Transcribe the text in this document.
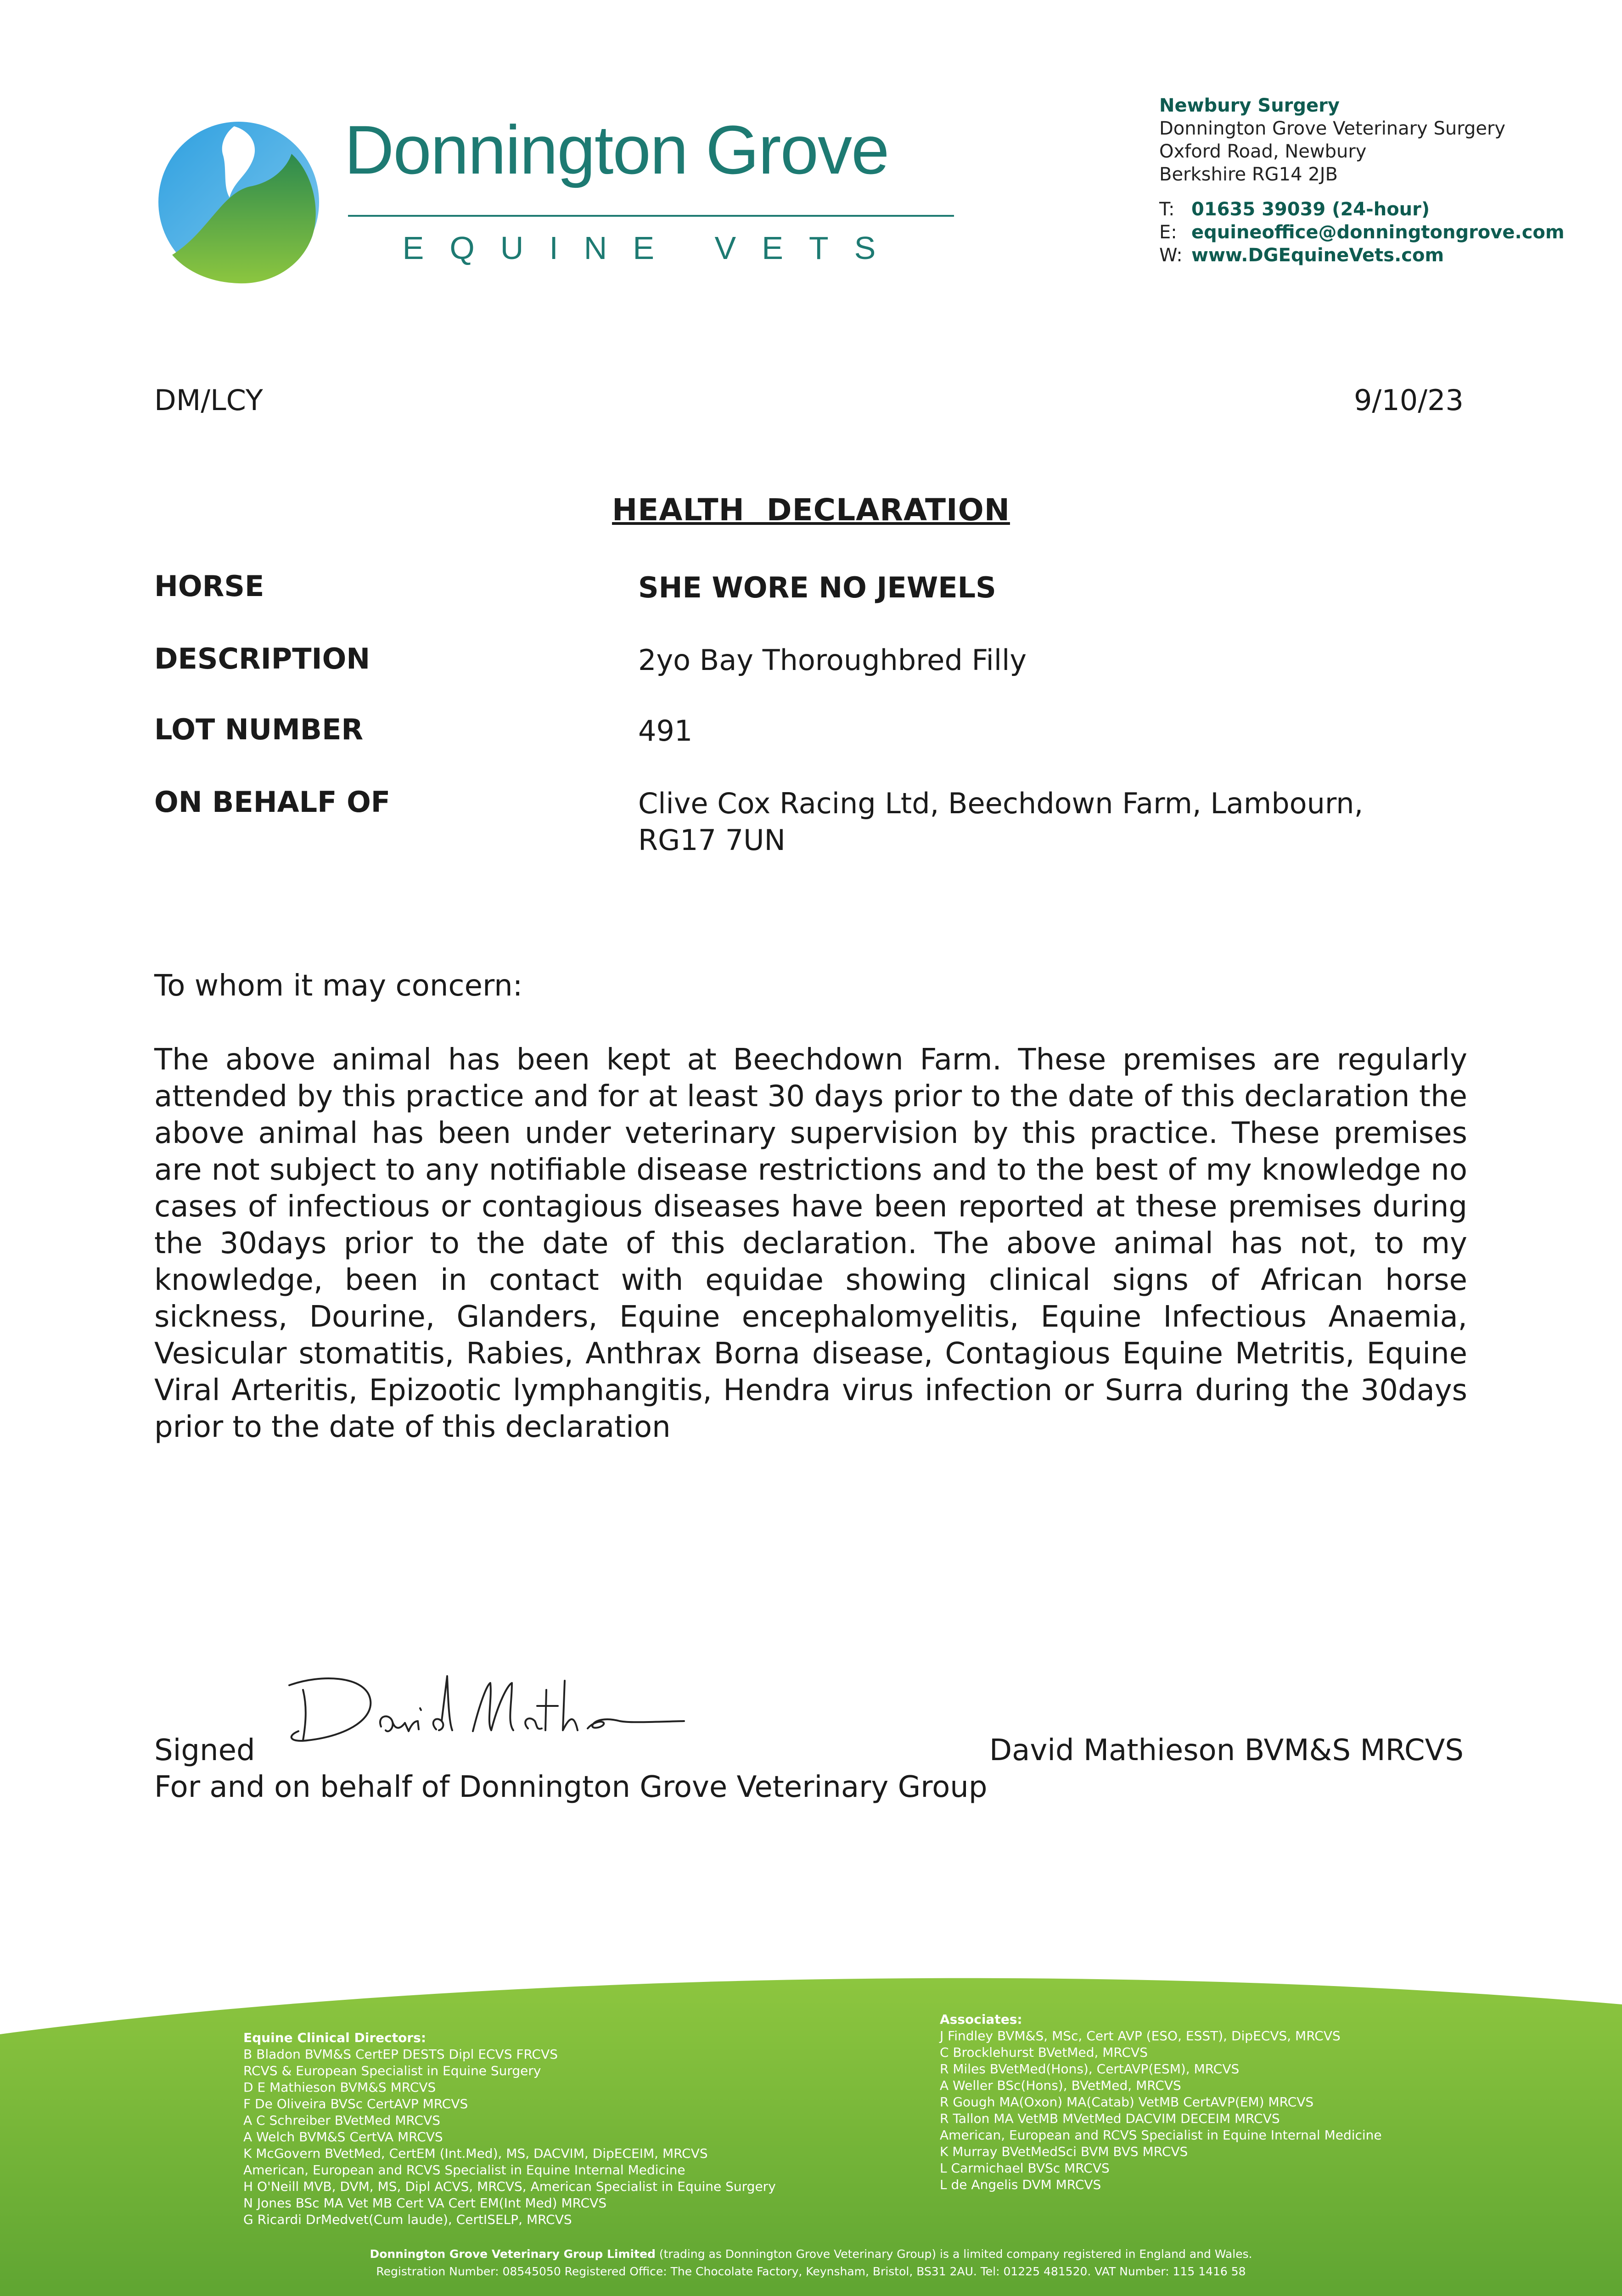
Donnington Grove
EQUINE VETS
Newbury Surgery
Donnington Grove Veterinary Surgery
Oxford Road, Newbury
Berkshire RG14 2JB
T: 01635 39039 (24-hour)
E: equineoffice@donningtongrove.com
W: www.DGEquineVets.com
DM/LCY	9/10/23
HEALTH  DECLARATION
HORSE	SHE WORE NO JEWELS
DESCRIPTION	2yo Bay Thoroughbred Filly
LOT NUMBER	491
ON BEHALF OF	Clive Cox Racing Ltd, Beechdown Farm, Lambourn,
RG17 7UN
To whom it may concern:
The above animal has been kept at Beechdown Farm. These premises are regularly attended by this practice and for at least 30 days prior to the date of this declaration the above animal has been under veterinary supervision by this practice. These premises are not subject to any notifiable disease restrictions and to the best of my knowledge no cases of infectious or contagious diseases have been reported at these premises during the 30days prior to the date of this declaration. The above animal has not, to my knowledge, been in contact with equidae showing clinical signs of African horse sickness, Dourine, Glanders, Equine encephalomyelitis, Equine Infectious Anaemia, Vesicular stomatitis, Rabies, Anthrax Borna disease, Contagious Equine Metritis, Equine Viral Arteritis, Epizootic lymphangitis, Hendra virus infection or Surra during the 30days prior to the date of this declaration
Signed	David Mathieson BVM&S MRCVS
For and on behalf of Donnington Grove Veterinary Group
Equine Clinical Directors:
B Bladon BVM&S CertEP DESTS Dipl ECVS FRCVS
RCVS & European Specialist in Equine Surgery
D E Mathieson BVM&S MRCVS
F De Oliveira BVSc CertAVP MRCVS
A C Schreiber BVetMed MRCVS
A Welch BVM&S CertVA MRCVS
K McGovern BVetMed, CertEM (Int.Med), MS, DACVIM, DipECEIM, MRCVS
American, European and RCVS Specialist in Equine Internal Medicine
H O'Neill MVB, DVM, MS, Dipl ACVS, MRCVS, American Specialist in Equine Surgery
N Jones BSc MA Vet MB Cert VA Cert EM(Int Med) MRCVS
G Ricardi DrMedvet(Cum laude), CertISELP, MRCVS
Associates:
J Findley BVM&S, MSc, Cert AVP (ESO, ESST), DipECVS, MRCVS
C Brocklehurst BVetMed, MRCVS
R Miles BVetMed(Hons), CertAVP(ESM), MRCVS
A Weller BSc(Hons), BVetMed, MRCVS
R Gough MA(Oxon) MA(Catab) VetMB CertAVP(EM) MRCVS
R Tallon MA VetMB MVetMed DACVIM DECEIM MRCVS
American, European and RCVS Specialist in Equine Internal Medicine
K Murray BVetMedSci BVM BVS MRCVS
L Carmichael BVSc MRCVS
L de Angelis DVM MRCVS
Donnington Grove Veterinary Group Limited (trading as Donnington Grove Veterinary Group) is a limited company registered in England and Wales.
Registration Number: 08545050 Registered Office: The Chocolate Factory, Keynsham, Bristol, BS31 2AU. Tel: 01225 481520. VAT Number: 115 1416 58
